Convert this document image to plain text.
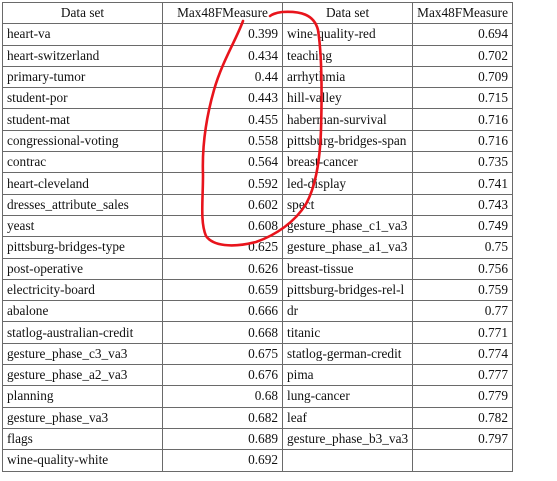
Data set	Max48FMeasure	Data set	Max48FMeasure
heart-va	0.399	wine-quality-red	0.694
heart-switzerland	0.434	teaching	0.702
primary-tumor	0.44	arrhythmia	0.709
student-por	0.443	hill-valley	0.715
student-mat	0.455	haberman-survival	0.716
congressional-voting	0.558	pittsburg-bridges-span	0.716
contrac	0.564	breast-cancer	0.735
heart-cleveland	0.592	led-display	0.741
dresses_attribute_sales	0.602	spect	0.743
yeast	0.608	gesture_phase_c1_va3	0.749
pittsburg-bridges-type	0.625	gesture_phase_a1_va3	0.75
post-operative	0.626	breast-tissue	0.756
electricity-board	0.659	pittsburg-bridges-rel-l	0.759
abalone	0.666	dr	0.77
statlog-australian-credit	0.668	titanic	0.771
gesture_phase_c3_va3	0.675	statlog-german-credit	0.774
gesture_phase_a2_va3	0.676	pima	0.777
planning	0.68	lung-cancer	0.779
gesture_phase_va3	0.682	leaf	0.782
flags	0.689	gesture_phase_b3_va3	0.797
wine-quality-white	0.692		
